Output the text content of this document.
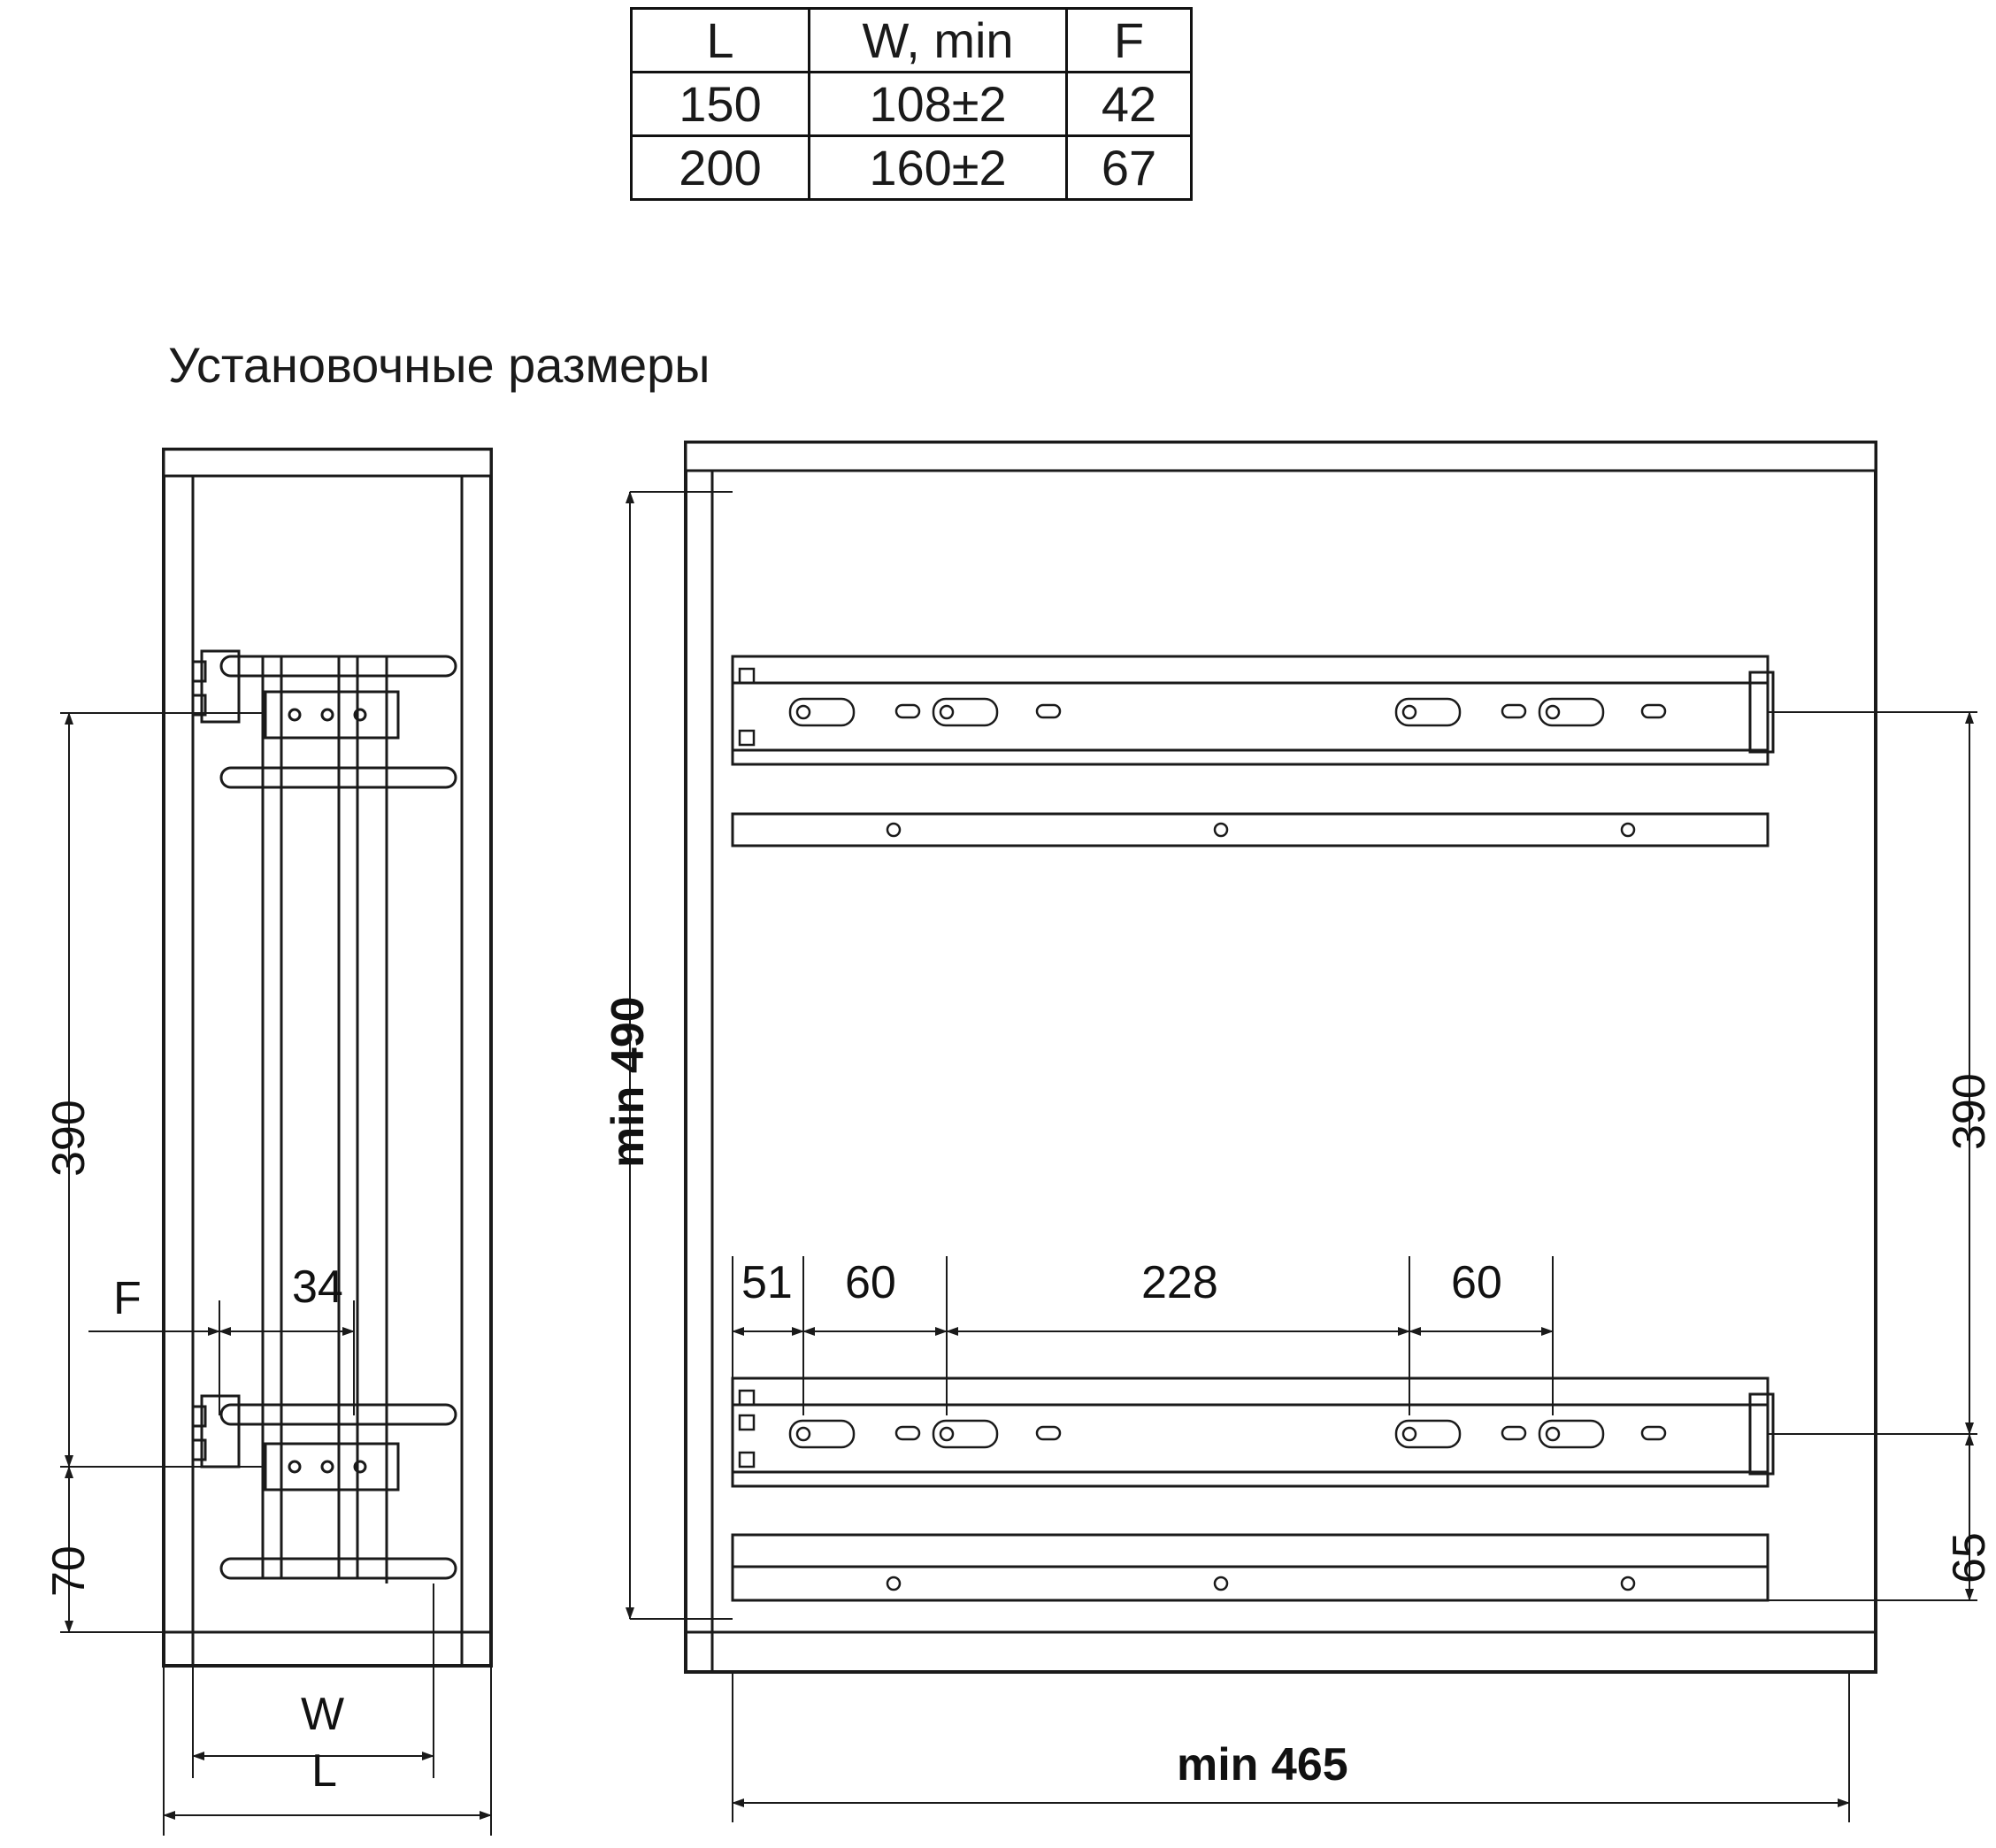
L	W, min	F
150	108±2	42
200	160±2	67
Установочные размеры
390
70
F	34
W
L
min 490	390
65
51 60	228	60
min 465
